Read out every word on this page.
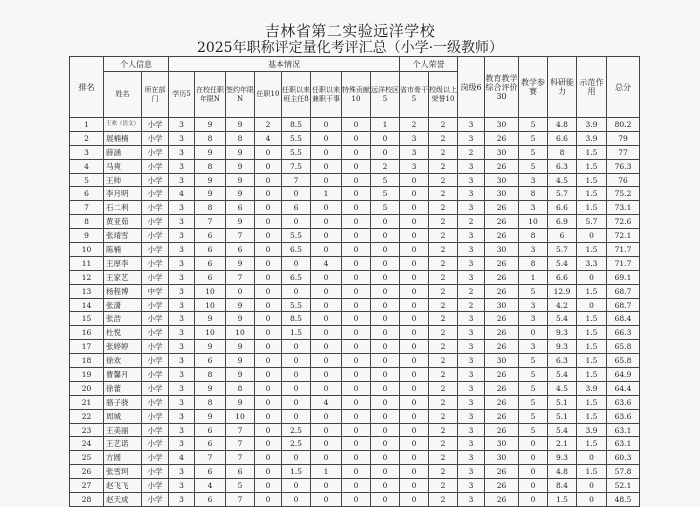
吉林省第二实验远洋学校
2025年职称评定量化考评汇总（小学·一级教师）
排名	个人信息		基本情况								个人荣誉		岗级6	教育教学综合评价30	教学参赛	科研能力	示范作用	总分
	姓名	所在部门	学历5	在校任职年限N	签约年限N	任职10	任职以来班主任8	任职以来兼职干事	特殊贡献10	远洋校区5	省市骨干5	校级以上荣誉10						
1	王欢（语文）	小学	3	9	9	2	8.5	0	0	1	2	2	3	30	5	4.8	3.9	80.2
2	展楠楠	小学	3	8	8	4	5.5	0	0	0	3	2	3	26	5	6.6	3.9	79
3	薛涵	小学	3	9	9	0	5.5	0	0	0	3	2	2	30	5	8	1.5	77
4	马爽	小学	3	8	9	0	7.5	0	0	2	3	2	3	26	5	6.3	1.5	76.3
5	王帅	小学	3	9	9	0	7	0	0	5	0	2	3	30	3	4.5	1.5	76
6	李月明	小学	4	9	9	0	0	1	0	5	0	2	3	30	8	5.7	1.5	75.2
7	石二利	小学	3	8	6	0	6	0	0	5	0	2	3	26	3	6.6	1.5	73.1
8	黄亚茹	小学	3	7	9	0	0	0	0	0	0	2	2	26	10	6.9	5.7	72.6
9	张靖雪	小学	3	6	7	0	5.5	0	0	0	0	2	3	26	8	6	0	72.1
10	陈楠	小学	3	6	6	0	6.5	0	0	0	0	2	3	30	3	5.7	1.5	71.7
11	王厚李	小学	3	6	9	0	0	4	0	0	0	2	3	26	8	5.4	3.3	71.7
12	王家艺	小学	3	6	7	0	6.5	0	0	0	0	2	3	26	1	6.6	0	69.1
13	杨程博	中学	3	10	0	0	0	0	0	0	0	2	2	26	5	12.9	1.5	68.7
14	张潇	小学	3	10	9	0	5.5	0	0	0	0	2	2	30	3	4.2	0	68.7
15	张浩	小学	3	9	9	0	8.5	0	0	0	0	2	3	26	3	5.4	1.5	68.4
16	杜悦	小学	3	10	10	0	1.5	0	0	0	0	2	3	26	0	9.3	1.5	66.3
17	张婷婷	小学	3	9	9	0	0	0	0	0	0	2	3	26	3	9.3	1.5	65.8
18	徐欢	小学	3	6	9	0	0	0	0	0	0	2	3	30	5	6.3	1.5	65.8
19	曹馨月	小学	3	8	9	0	0	0	0	0	0	2	3	26	5	5.4	1.5	64.9
20	徐蕾	小学	3	9	8	0	0	0	0	0	0	2	3	26	5	4.5	3.9	64.4
21	骆子骁	小学	3	8	9	0	0	4	0	0	0	2	3	26	5	5.1	1.5	63.6
22	周城	小学	3	9	10	0	0	0	0	0	0	2	3	26	5	5.1	1.5	63.6
23	王美丽	小学	3	6	7	0	2.5	0	0	0	0	2	3	26	5	5.4	3.9	63.1
24	王艺诺	小学	3	6	7	0	2.5	0	0	0	0	2	3	30	0	2.1	1.5	63.1
25	方圆	小学	4	7	7	0	0	0	0	0	0	2	3	30	0	9.3	0	60.3
26	张雪珂	小学	3	6	6	0	1.5	1	0	0	0	2	3	26	0	4.8	1.5	57.8
27	赵飞飞	小学	3	4	5	0	0	0	0	0	0	2	3	26	0	8.4	0	52.1
28	赵天成	小学	3	6	7	0	0	0	0	0	0	2	3	26	0	1.5	0	48.5
